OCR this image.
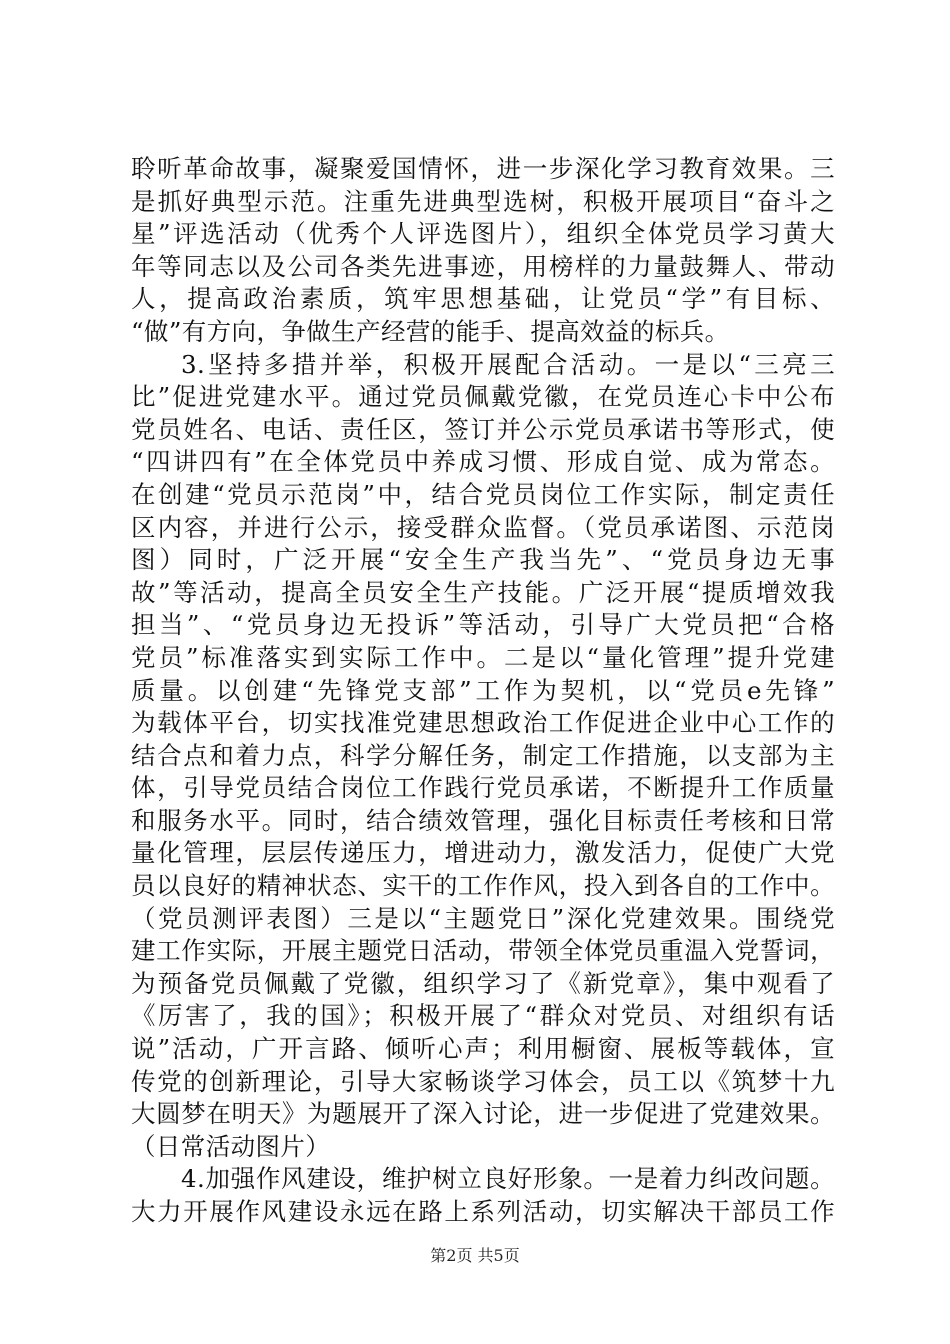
聆听革命故事，凝聚爱国情怀，进一步深化学习教育效果。三
是抓好典型示范。注重先进典型选树，积极开展项目“奋斗之
星”评选活动（优秀个人评选图片），组织全体党员学习黄大
年等同志以及公司各类先进事迹，用榜样的力量鼓舞人、带动
人，提高政治素质，筑牢思想基础，让党员“学”有目标、
“做”有方向，争做生产经营的能手、提高效益的标兵。
3.坚持多措并举，积极开展配合活动。一是以“三亮三
比”促进党建水平。通过党员佩戴党徽，在党员连心卡中公布
党员姓名、电话、责任区，签订并公示党员承诺书等形式，使
“四讲四有”在全体党员中养成习惯、形成自觉、成为常态。
在创建“党员示范岗”中，结合党员岗位工作实际，制定责任
区内容，并进行公示，接受群众监督。（党员承诺图、示范岗
图）同时，广泛开展“安全生产我当先”、“党员身边无事
故”等活动，提高全员安全生产技能。广泛开展“提质增效我
担当”、“党员身边无投诉”等活动，引导广大党员把“合格
党员”标准落实到实际工作中。二是以“量化管理”提升党建
质量。以创建“先锋党支部”工作为契机，以“党员e先锋”
为载体平台，切实找准党建思想政治工作促进企业中心工作的
结合点和着力点，科学分解任务，制定工作措施，以支部为主
体，引导党员结合岗位工作践行党员承诺，不断提升工作质量
和服务水平。同时，结合绩效管理，强化目标责任考核和日常
量化管理，层层传递压力，增进动力，激发活力，促使广大党
员以良好的精神状态、实干的工作作风，投入到各自的工作中。
（党员测评表图）三是以“主题党日”深化党建效果。围绕党
建工作实际，开展主题党日活动，带领全体党员重温入党誓词，
为预备党员佩戴了党徽，组织学习了《新党章》，集中观看了
《厉害了，我的国》；积极开展了“群众对党员、对组织有话
说”活动，广开言路、倾听心声；利用橱窗、展板等载体，宣
传党的创新理论，引导大家畅谈学习体会，员工以《筑梦十九
大圆梦在明天》为题展开了深入讨论，进一步促进了党建效果。
（日常活动图片）
4.加强作风建设，维护树立良好形象。一是着力纠改问题。
大力开展作风建设永远在路上系列活动，切实解决干部员工作
第2页 共5页
